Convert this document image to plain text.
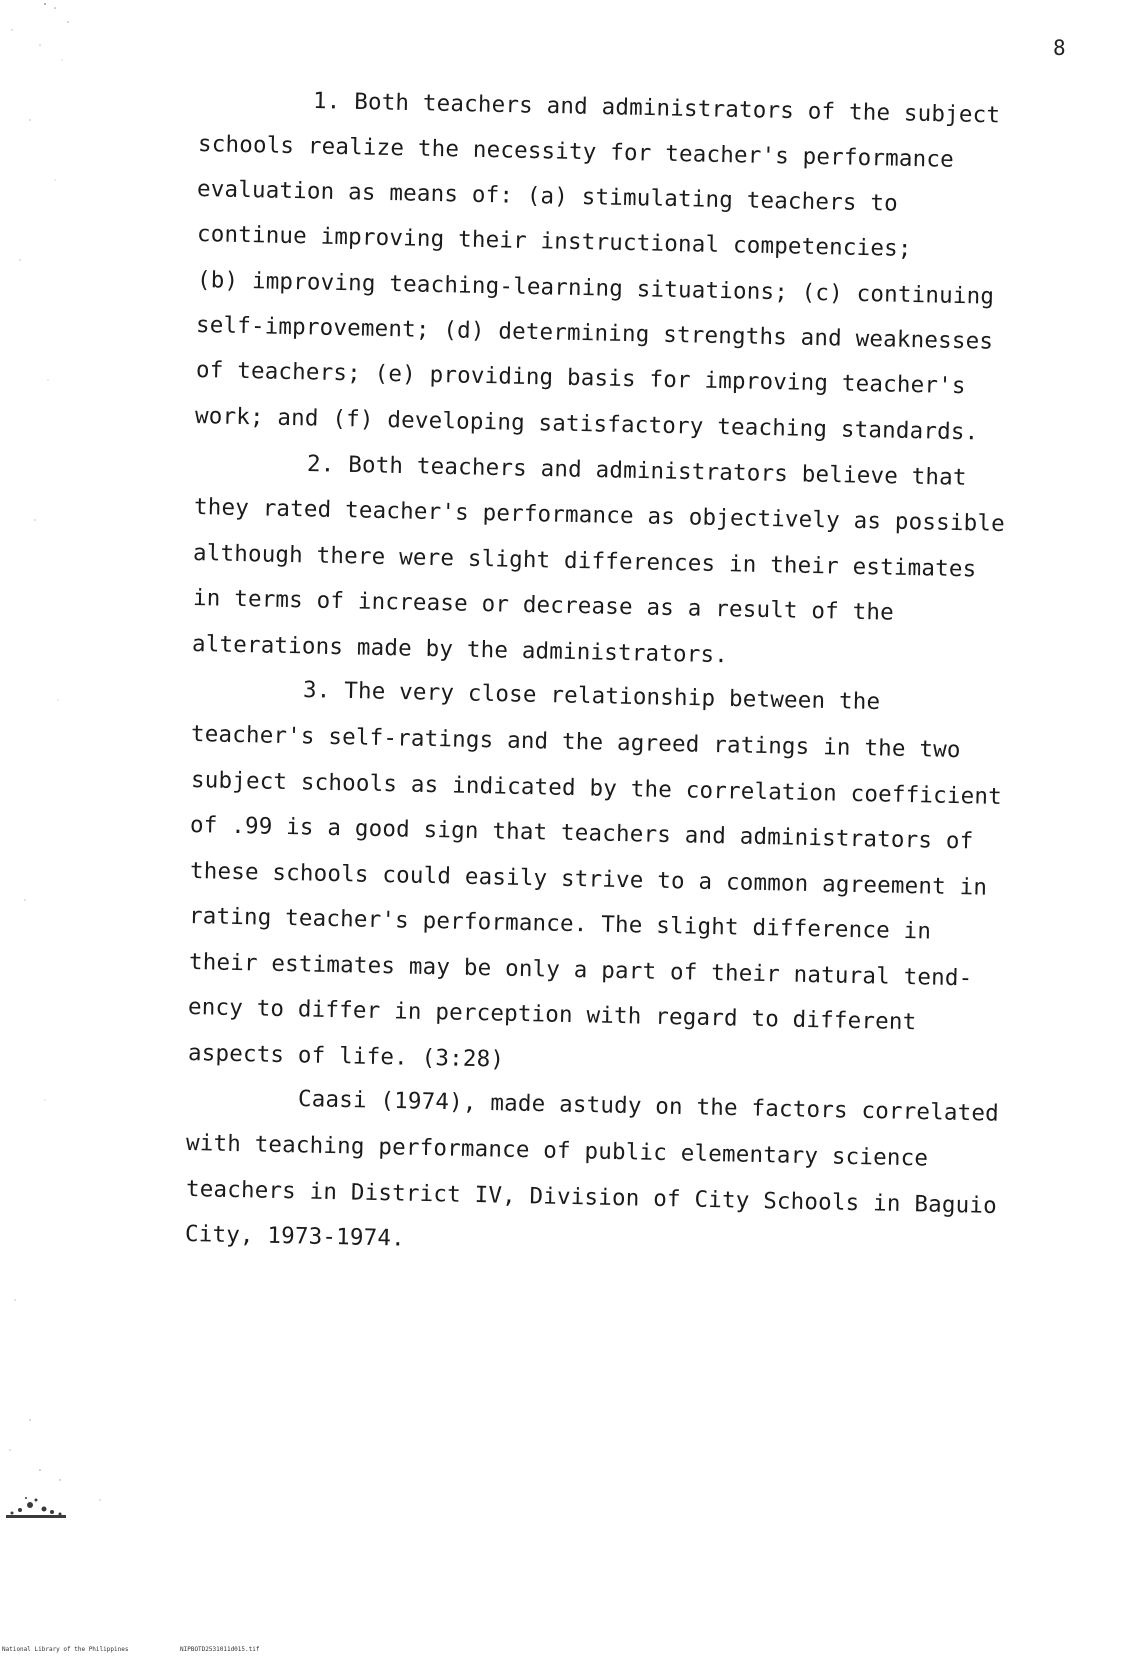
8
1. Both teachers and administrators of the subject
schools realize the necessity for teacher's performance
evaluation as means of: (a) stimulating teachers to
continue improving their instructional competencies;
(b) improving teaching-learning situations; (c) continuing
self-improvement; (d) determining strengths and weaknesses
of teachers; (e) providing basis for improving teacher's
work; and (f) developing satisfactory teaching standards.
2. Both teachers and administrators believe that
they rated teacher's performance as objectively as possible
although there were slight differences in their estimates
in terms of increase or decrease as a result of the
alterations made by the administrators.
3. The very close relationship between the
teacher's self-ratings and the agreed ratings in the two
subject schools as indicated by the correlation coefficient
of .99 is a good sign that teachers and administrators of
these schools could easily strive to a common agreement in
rating teacher's performance. The slight difference in
their estimates may be only a part of their natural tend-
ency to differ in perception with regard to different
aspects of life. (3:28)
Caasi (1974), made astudy on the factors correlated
with teaching performance of public elementary science
teachers in District IV, Division of City Schools in Baguio
City, 1973-1974.
National Library of the Philippines	NIPBOTD2531011d015.tif
